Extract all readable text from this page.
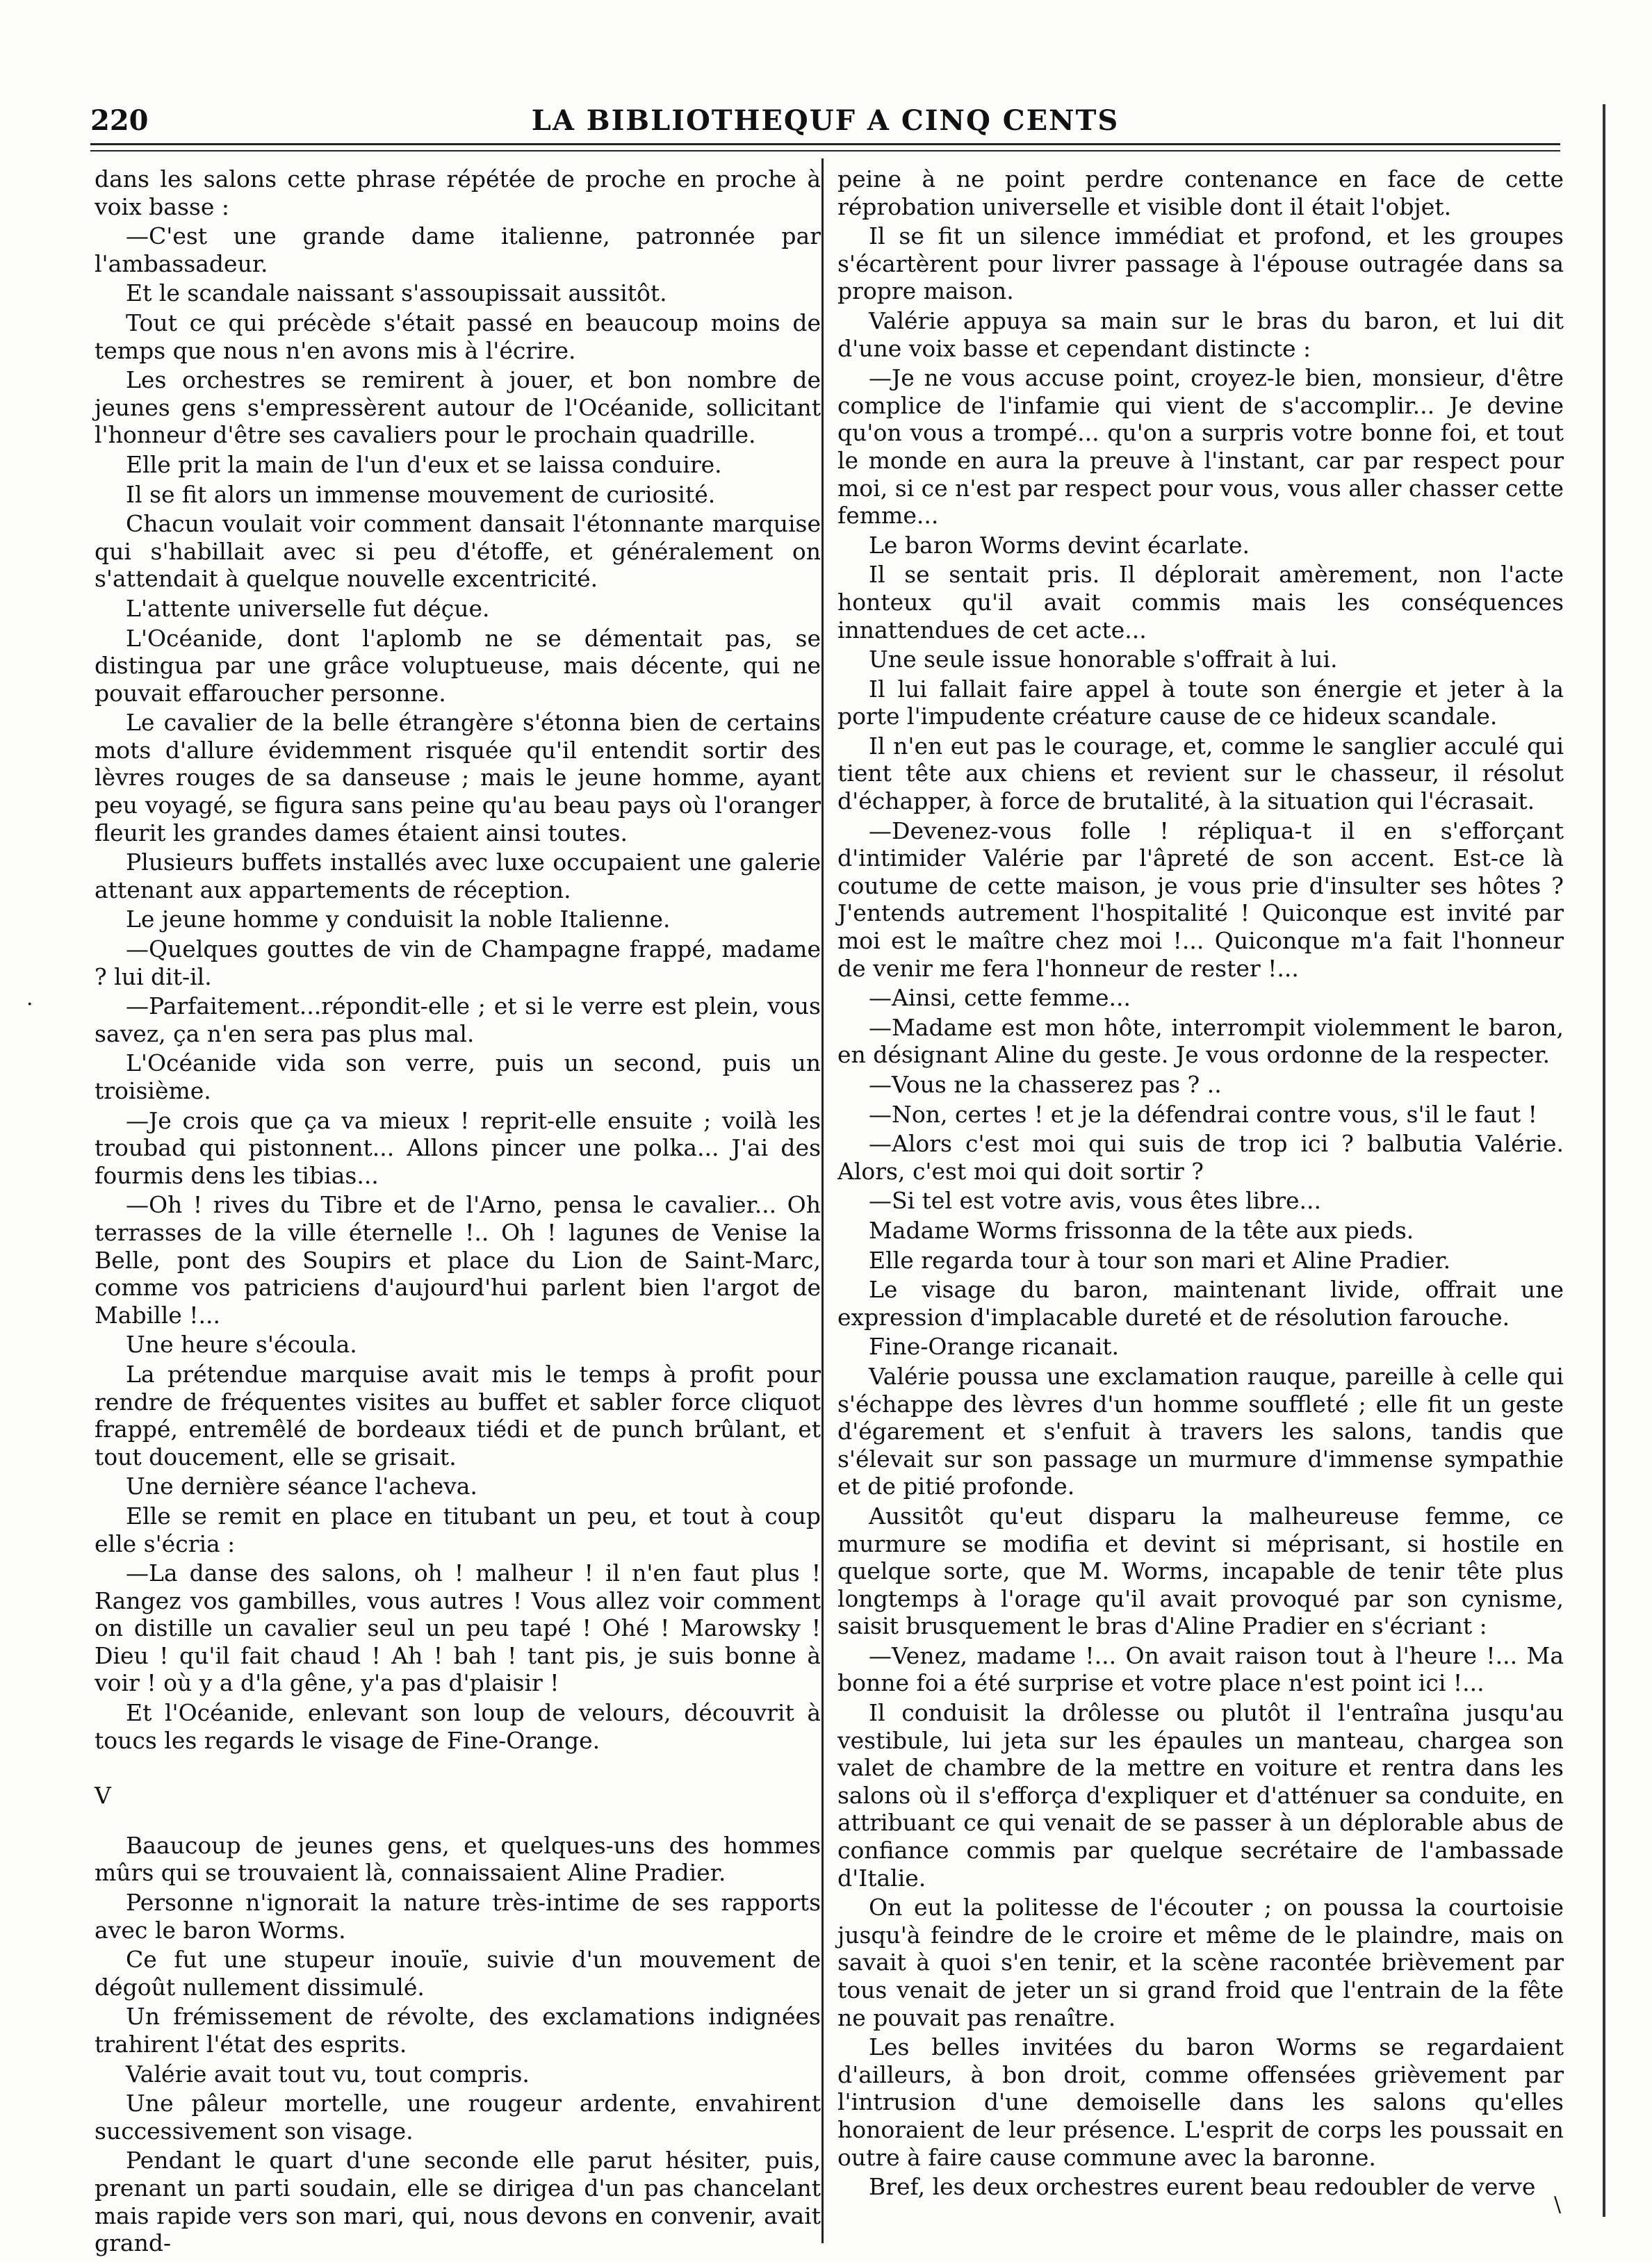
220	LA BIBLIOTHEQUF A CINQ CENTS

dans les salons cette phrase répétée de proche en proche à voix basse :

—C'est une grande dame italienne, patronnée par l'ambassadeur.

Et le scandale naissant s'assoupissait aussitôt.

Tout ce qui précède s'était passé en beaucoup moins de temps que nous n'en avons mis à l'écrire.

Les orchestres se remirent à jouer, et bon nombre de jeunes gens s'empressèrent autour de l'Océanide, sollicitant l'honneur d'être ses cavaliers pour le prochain quadrille.

Elle prit la main de l'un d'eux et se laissa conduire.

Il se fit alors un immense mouvement de curiosité.

Chacun voulait voir comment dansait l'étonnante marquise qui s'habillait avec si peu d'étoffe, et généralement on s'attendait à quelque nouvelle excentricité.

L'attente universelle fut déçue.

L'Océanide, dont l'aplomb ne se démentait pas, se distingua par une grâce voluptueuse, mais décente, qui ne pouvait effaroucher personne.

Le cavalier de la belle étrangère s'étonna bien de certains mots d'allure évidemment risquée qu'il entendit sortir des lèvres rouges de sa danseuse ; mais le jeune homme, ayant peu voyagé, se figura sans peine qu'au beau pays où l'oranger fleurit les grandes dames étaient ainsi toutes.

Plusieurs buffets installés avec luxe occupaient une galerie attenant aux appartements de réception.

Le jeune homme y conduisit la noble Italienne.

—Quelques gouttes de vin de Champagne frappé, madame ? lui dit-il.

—Parfaitement...répondit-elle ; et si le verre est plein, vous savez, ça n'en sera pas plus mal.

L'Océanide vida son verre, puis un second, puis un troisième.

—Je crois que ça va mieux ! reprit-elle ensuite ; voilà les troubad qui pistonnent... Allons pincer une polka... J'ai des fourmis dens les tibias...

—Oh ! rives du Tibre et de l'Arno, pensa le cavalier... Oh terrasses de la ville éternelle !.. Oh ! lagunes de Venise la Belle, pont des Soupirs et place du Lion de Saint-Marc, comme vos patriciens d'aujourd'hui parlent bien l'argot de Mabille !...

Une heure s'écoula.

La prétendue marquise avait mis le temps à profit pour rendre de fréquentes visites au buffet et sabler force cliquot frappé, entremêlé de bordeaux tiédi et de punch brûlant, et tout doucement, elle se grisait.

Une dernière séance l'acheva.

Elle se remit en place en titubant un peu, et tout à coup elle s'écria :

—La danse des salons, oh ! malheur ! il n'en faut plus ! Rangez vos gambilles, vous autres ! Vous allez voir comment on distille un cavalier seul un peu tapé ! Ohé ! Marowsky ! Dieu ! qu'il fait chaud ! Ah ! bah ! tant pis, je suis bonne à voir ! où y a d'la gêne, y'a pas d'plaisir !

Et l'Océanide, enlevant son loup de velours, découvrit à toucs les regards le visage de Fine-Orange.

V

Baaucoup de jeunes gens, et quelques-uns des hommes mûrs qui se trouvaient là, connaissaient Aline Pradier.

Personne n'ignorait la nature très-intime de ses rapports avec le baron Worms.

Ce fut une stupeur inouïe, suivie d'un mouvement de dégoût nullement dissimulé.

Un frémissement de révolte, des exclamations indignées trahirent l'état des esprits.

Valérie avait tout vu, tout compris.

Une pâleur mortelle, une rougeur ardente, envahirent successivement son visage.

Pendant le quart d'une seconde elle parut hésiter, puis, prenant un parti soudain, elle se dirigea d'un pas chancelant mais rapide vers son mari, qui, nous devons en convenir, avait grand-

peine à ne point perdre contenance en face de cette réprobation universelle et visible dont il était l'objet.

Il se fit un silence immédiat et profond, et les groupes s'écartèrent pour livrer passage à l'épouse outragée dans sa propre maison.

Valérie appuya sa main sur le bras du baron, et lui dit d'une voix basse et cependant distincte :

—Je ne vous accuse point, croyez-le bien, monsieur, d'être complice de l'infamie qui vient de s'accomplir... Je devine qu'on vous a trompé... qu'on a surpris votre bonne foi, et tout le monde en aura la preuve à l'instant, car par respect pour moi, si ce n'est par respect pour vous, vous aller chasser cette femme...

Le baron Worms devint écarlate.

Il se sentait pris. Il déplorait amèrement, non l'acte honteux qu'il avait commis mais les conséquences innattendues de cet acte...

Une seule issue honorable s'offrait à lui.

Il lui fallait faire appel à toute son énergie et jeter à la porte l'impudente créature cause de ce hideux scandale.

Il n'en eut pas le courage, et, comme le sanglier acculé qui tient tête aux chiens et revient sur le chasseur, il résolut d'échapper, à force de brutalité, à la situation qui l'écrasait.

—Devenez-vous folle ! répliqua-t il en s'efforçant d'intimider Valérie par l'âpreté de son accent. Est-ce là coutume de cette maison, je vous prie d'insulter ses hôtes ? J'entends autrement l'hospitalité ! Quiconque est invité par moi est le maître chez moi !... Quiconque m'a fait l'honneur de venir me fera l'honneur de rester !...

—Ainsi, cette femme...

—Madame est mon hôte, interrompit violemment le baron, en désignant Aline du geste. Je vous ordonne de la respecter.

—Vous ne la chasserez pas ? ..

—Non, certes ! et je la défendrai contre vous, s'il le faut !

—Alors c'est moi qui suis de trop ici ? balbutia Valérie. Alors, c'est moi qui doit sortir ?

—Si tel est votre avis, vous êtes libre...

Madame Worms frissonna de la tête aux pieds.

Elle regarda tour à tour son mari et Aline Pradier.

Le visage du baron, maintenant livide, offrait une expression d'implacable dureté et de résolution farouche.

Fine-Orange ricanait.

Valérie poussa une exclamation rauque, pareille à celle qui s'échappe des lèvres d'un homme souffleté ; elle fit un geste d'égarement et s'enfuit à travers les salons, tandis que s'élevait sur son passage un murmure d'immense sympathie et de pitié profonde.

Aussitôt qu'eut disparu la malheureuse femme, ce murmure se modifia et devint si méprisant, si hostile en quelque sorte, que M. Worms, incapable de tenir tête plus longtemps à l'orage qu'il avait provoqué par son cynisme, saisit brusquement le bras d'Aline Pradier en s'écriant :

—Venez, madame !... On avait raison tout à l'heure !... Ma bonne foi a été surprise et votre place n'est point ici !...

Il conduisit la drôlesse ou plutôt il l'entraîna jusqu'au vestibule, lui jeta sur les épaules un manteau, chargea son valet de chambre de la mettre en voiture et rentra dans les salons où il s'efforça d'expliquer et d'atténuer sa conduite, en attribuant ce qui venait de se passer à un déplorable abus de confiance commis par quelque secrétaire de l'ambassade d'Italie.

On eut la politesse de l'écouter ; on poussa la courtoisie jusqu'à feindre de le croire et même de le plaindre, mais on savait à quoi s'en tenir, et la scène racontée brièvement par tous venait de jeter un si grand froid que l'entrain de la fête ne pouvait pas renaître.

Les belles invitées du baron Worms se regardaient d'ailleurs, à bon droit, comme offensées grièvement par l'intrusion d'une demoiselle dans les salons qu'elles honoraient de leur présence. L'esprit de corps les poussait en outre à faire cause commune avec la baronne.

Bref, les deux orchestres eurent beau redoubler de verve

·
\
